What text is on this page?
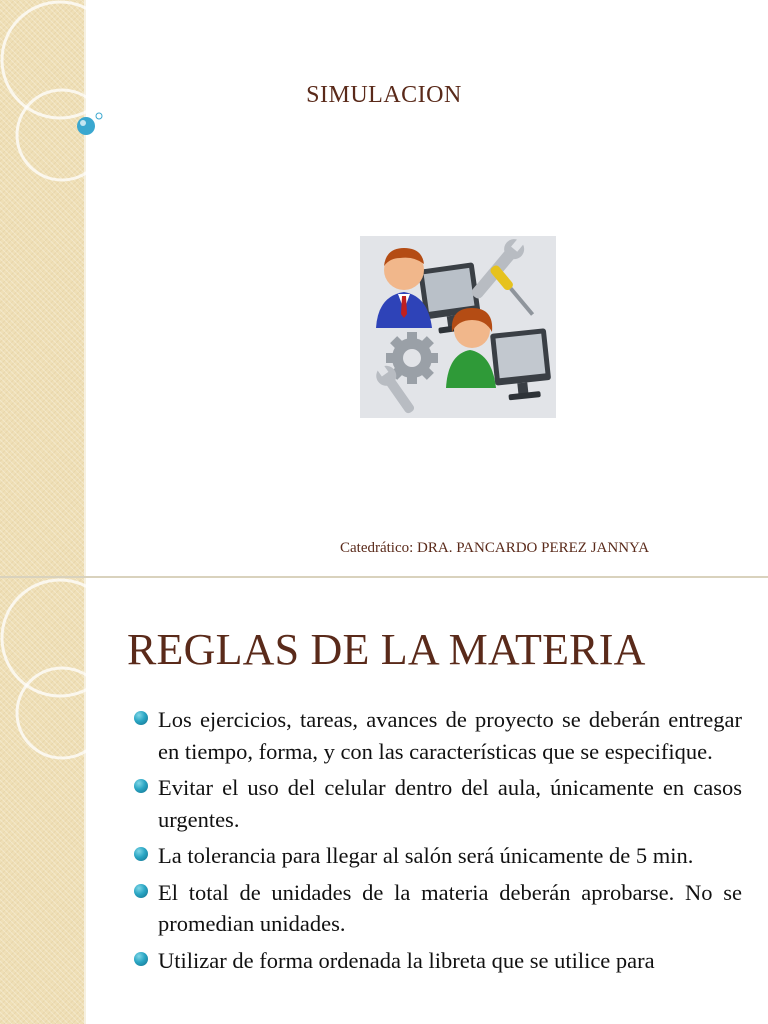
SIMULACION
Catedrático: DRA. PANCARDO PEREZ JANNYA
REGLAS DE LA MATERIA
Los ejercicios, tareas, avances de proyecto se deberán entregar en tiempo, forma, y con las características que se especifique.
Evitar el uso del celular dentro del aula, únicamente en casos urgentes.
La tolerancia para llegar al salón será únicamente de 5 min.
El total de unidades de la materia deberán aprobarse. No se promedian unidades.
Utilizar de forma ordenada la libreta que se utilice para
